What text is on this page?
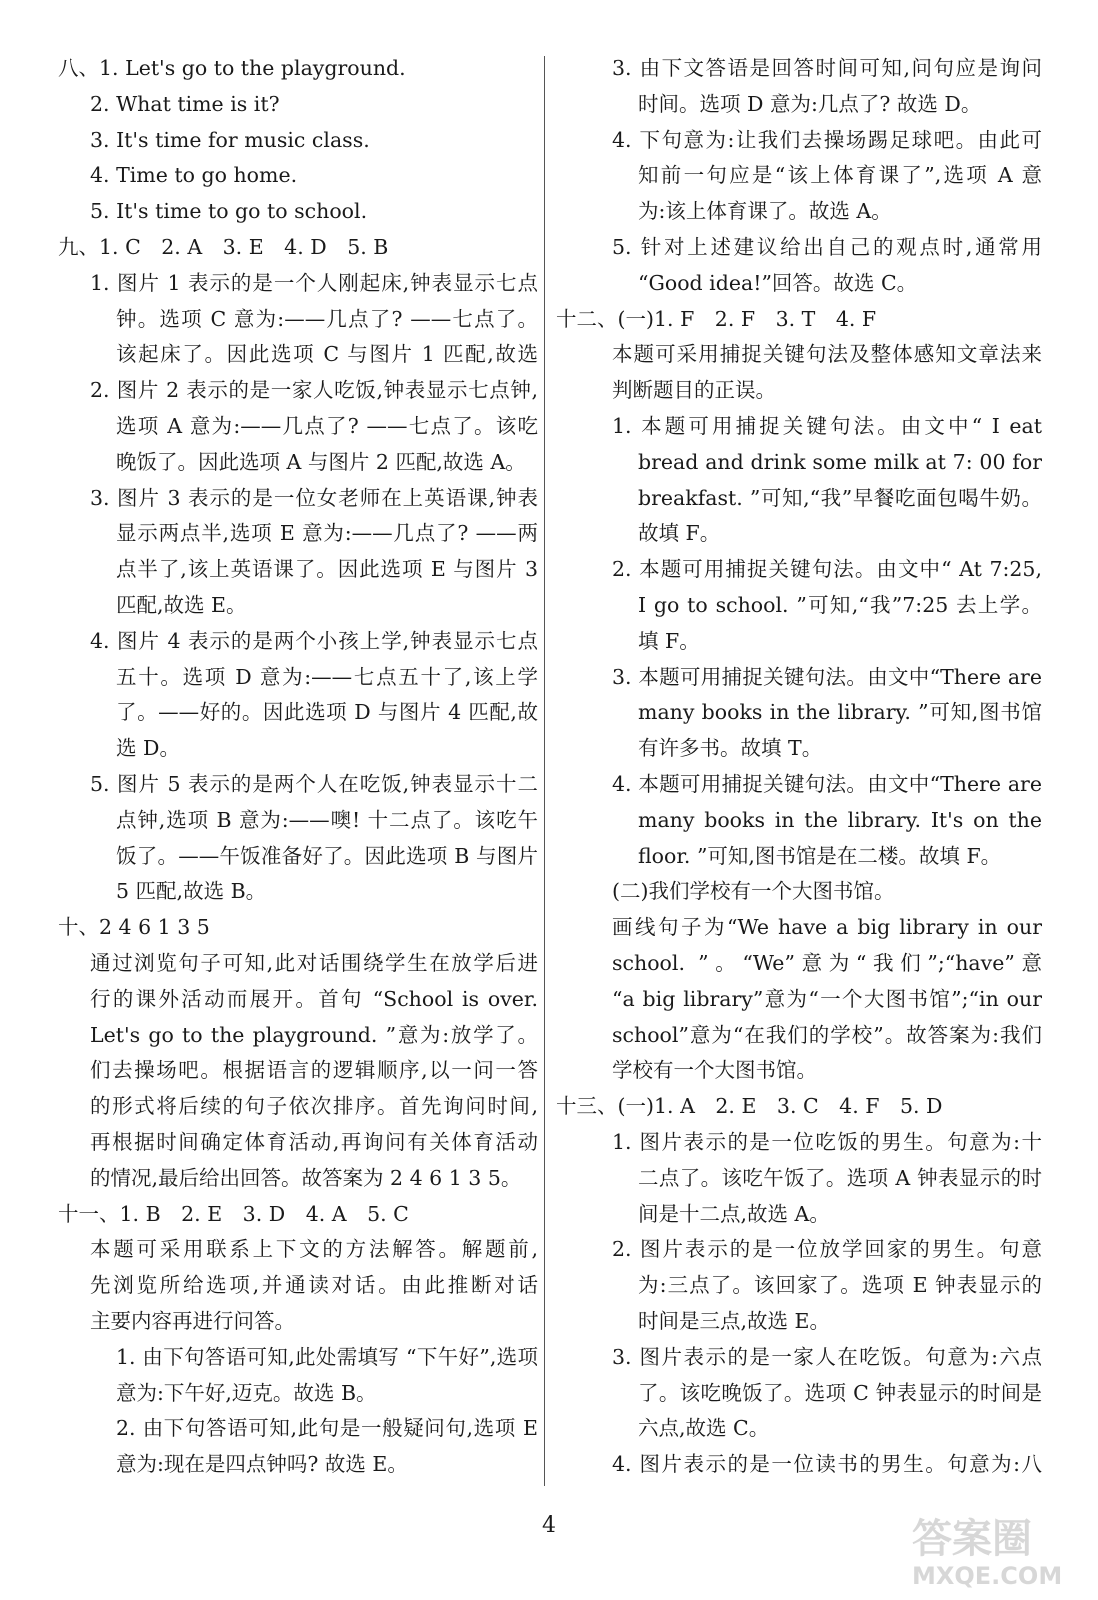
八、1. Let's go to the playground.
2. What time is it?
3. It's time for music class.
4. Time to go home.
5. It's time to go to school.
九、1. C　2. A　3. E　4. D　5. B
1. 图片 1 表示的是一个人刚起床,钟表显示七点
钟。选项 C 意为:——几点了? ——七点了。
该起床了。因此选项 C 与图片 1 匹配,故选
2. 图片 2 表示的是一家人吃饭,钟表显示七点钟,
选项 A 意为:——几点了? ——七点了。该吃
晚饭了。因此选项 A 与图片 2 匹配,故选 A。
3. 图片 3 表示的是一位女老师在上英语课,钟表
显示两点半,选项 E 意为:——几点了? ——两
点半了,该上英语课了。因此选项 E 与图片 3
匹配,故选 E。
4. 图片 4 表示的是两个小孩上学,钟表显示七点
五十。选项 D 意为:——七点五十了,该上学
了。——好的。因此选项 D 与图片 4 匹配,故
选 D。
5. 图片 5 表示的是两个人在吃饭,钟表显示十二
点钟,选项 B 意为:——噢! 十二点了。该吃午
饭了。——午饭准备好了。因此选项 B 与图片
5 匹配,故选 B。
十、2 4 6 1 3 5
通过浏览句子可知,此对话围绕学生在放学后进
行的课外活动而展开。首句 “School is over.
Let's go to the playground. ”意为:放学了。
们去操场吧。根据语言的逻辑顺序,以一问一答
的形式将后续的句子依次排序。首先询问时间,
再根据时间确定体育活动,再询问有关体育活动
的情况,最后给出回答。故答案为 2 4 6 1 3 5。
十一、1. B　2. E　3. D　4. A　5. C
本题可采用联系上下文的方法解答。解题前,
先浏览所给选项,并通读对话。由此推断对话
主要内容再进行问答。
1. 由下句答语可知,此处需填写 “下午好”,选项
意为:下午好,迈克。故选 B。
2. 由下句答语可知,此句是一般疑问句,选项 E
意为:现在是四点钟吗? 故选 E。
3. 由下文答语是回答时间可知,问句应是询问
时间。选项 D 意为:几点了? 故选 D。
4. 下句意为:让我们去操场踢足球吧。由此可
知前一句应是“该上体育课了”,选项 A 意
为:该上体育课了。故选 A。
5. 针对上述建议给出自己的观点时,通常用
“Good idea!”回答。故选 C。
十二、(一)1. F　2. F　3. T　4. F
本题可采用捕捉关键句法及整体感知文章法来
判断题目的正误。
1. 本题可用捕捉关键句法。由文中“ I eat
bread and drink some milk at 7: 00 for
breakfast. ”可知,“我”早餐吃面包喝牛奶。
故填 F。
2. 本题可用捕捉关键句法。由文中“ At 7:25,
I go to school. ”可知,“我”7:25 去上学。
填 F。
3. 本题可用捕捉关键句法。由文中“There are
many books in the library. ”可知,图书馆
有许多书。故填 T。
4. 本题可用捕捉关键句法。由文中“There are
many books in the library. It's on the
floor. ”可知,图书馆是在二楼。故填 F。
(二)我们学校有一个大图书馆。
画线句子为“We have a big library in our
school. ”。“We”意为“我们”;“have”意
“a big library”意为“一个大图书馆”;“in our
school”意为“在我们的学校”。故答案为:我们
学校有一个大图书馆。
十三、(一)1. A　2. E　3. C　4. F　5. D
1. 图片表示的是一位吃饭的男生。句意为:十
二点了。该吃午饭了。选项 A 钟表显示的时
间是十二点,故选 A。
2. 图片表示的是一位放学回家的男生。句意
为:三点了。该回家了。选项 E 钟表显示的
时间是三点,故选 E。
3. 图片表示的是一家人在吃饭。句意为:六点
了。该吃晚饭了。选项 C 钟表显示的时间是
六点,故选 C。
4. 图片表示的是一位读书的男生。句意为:八
4	答案圈
MXQE.COM
